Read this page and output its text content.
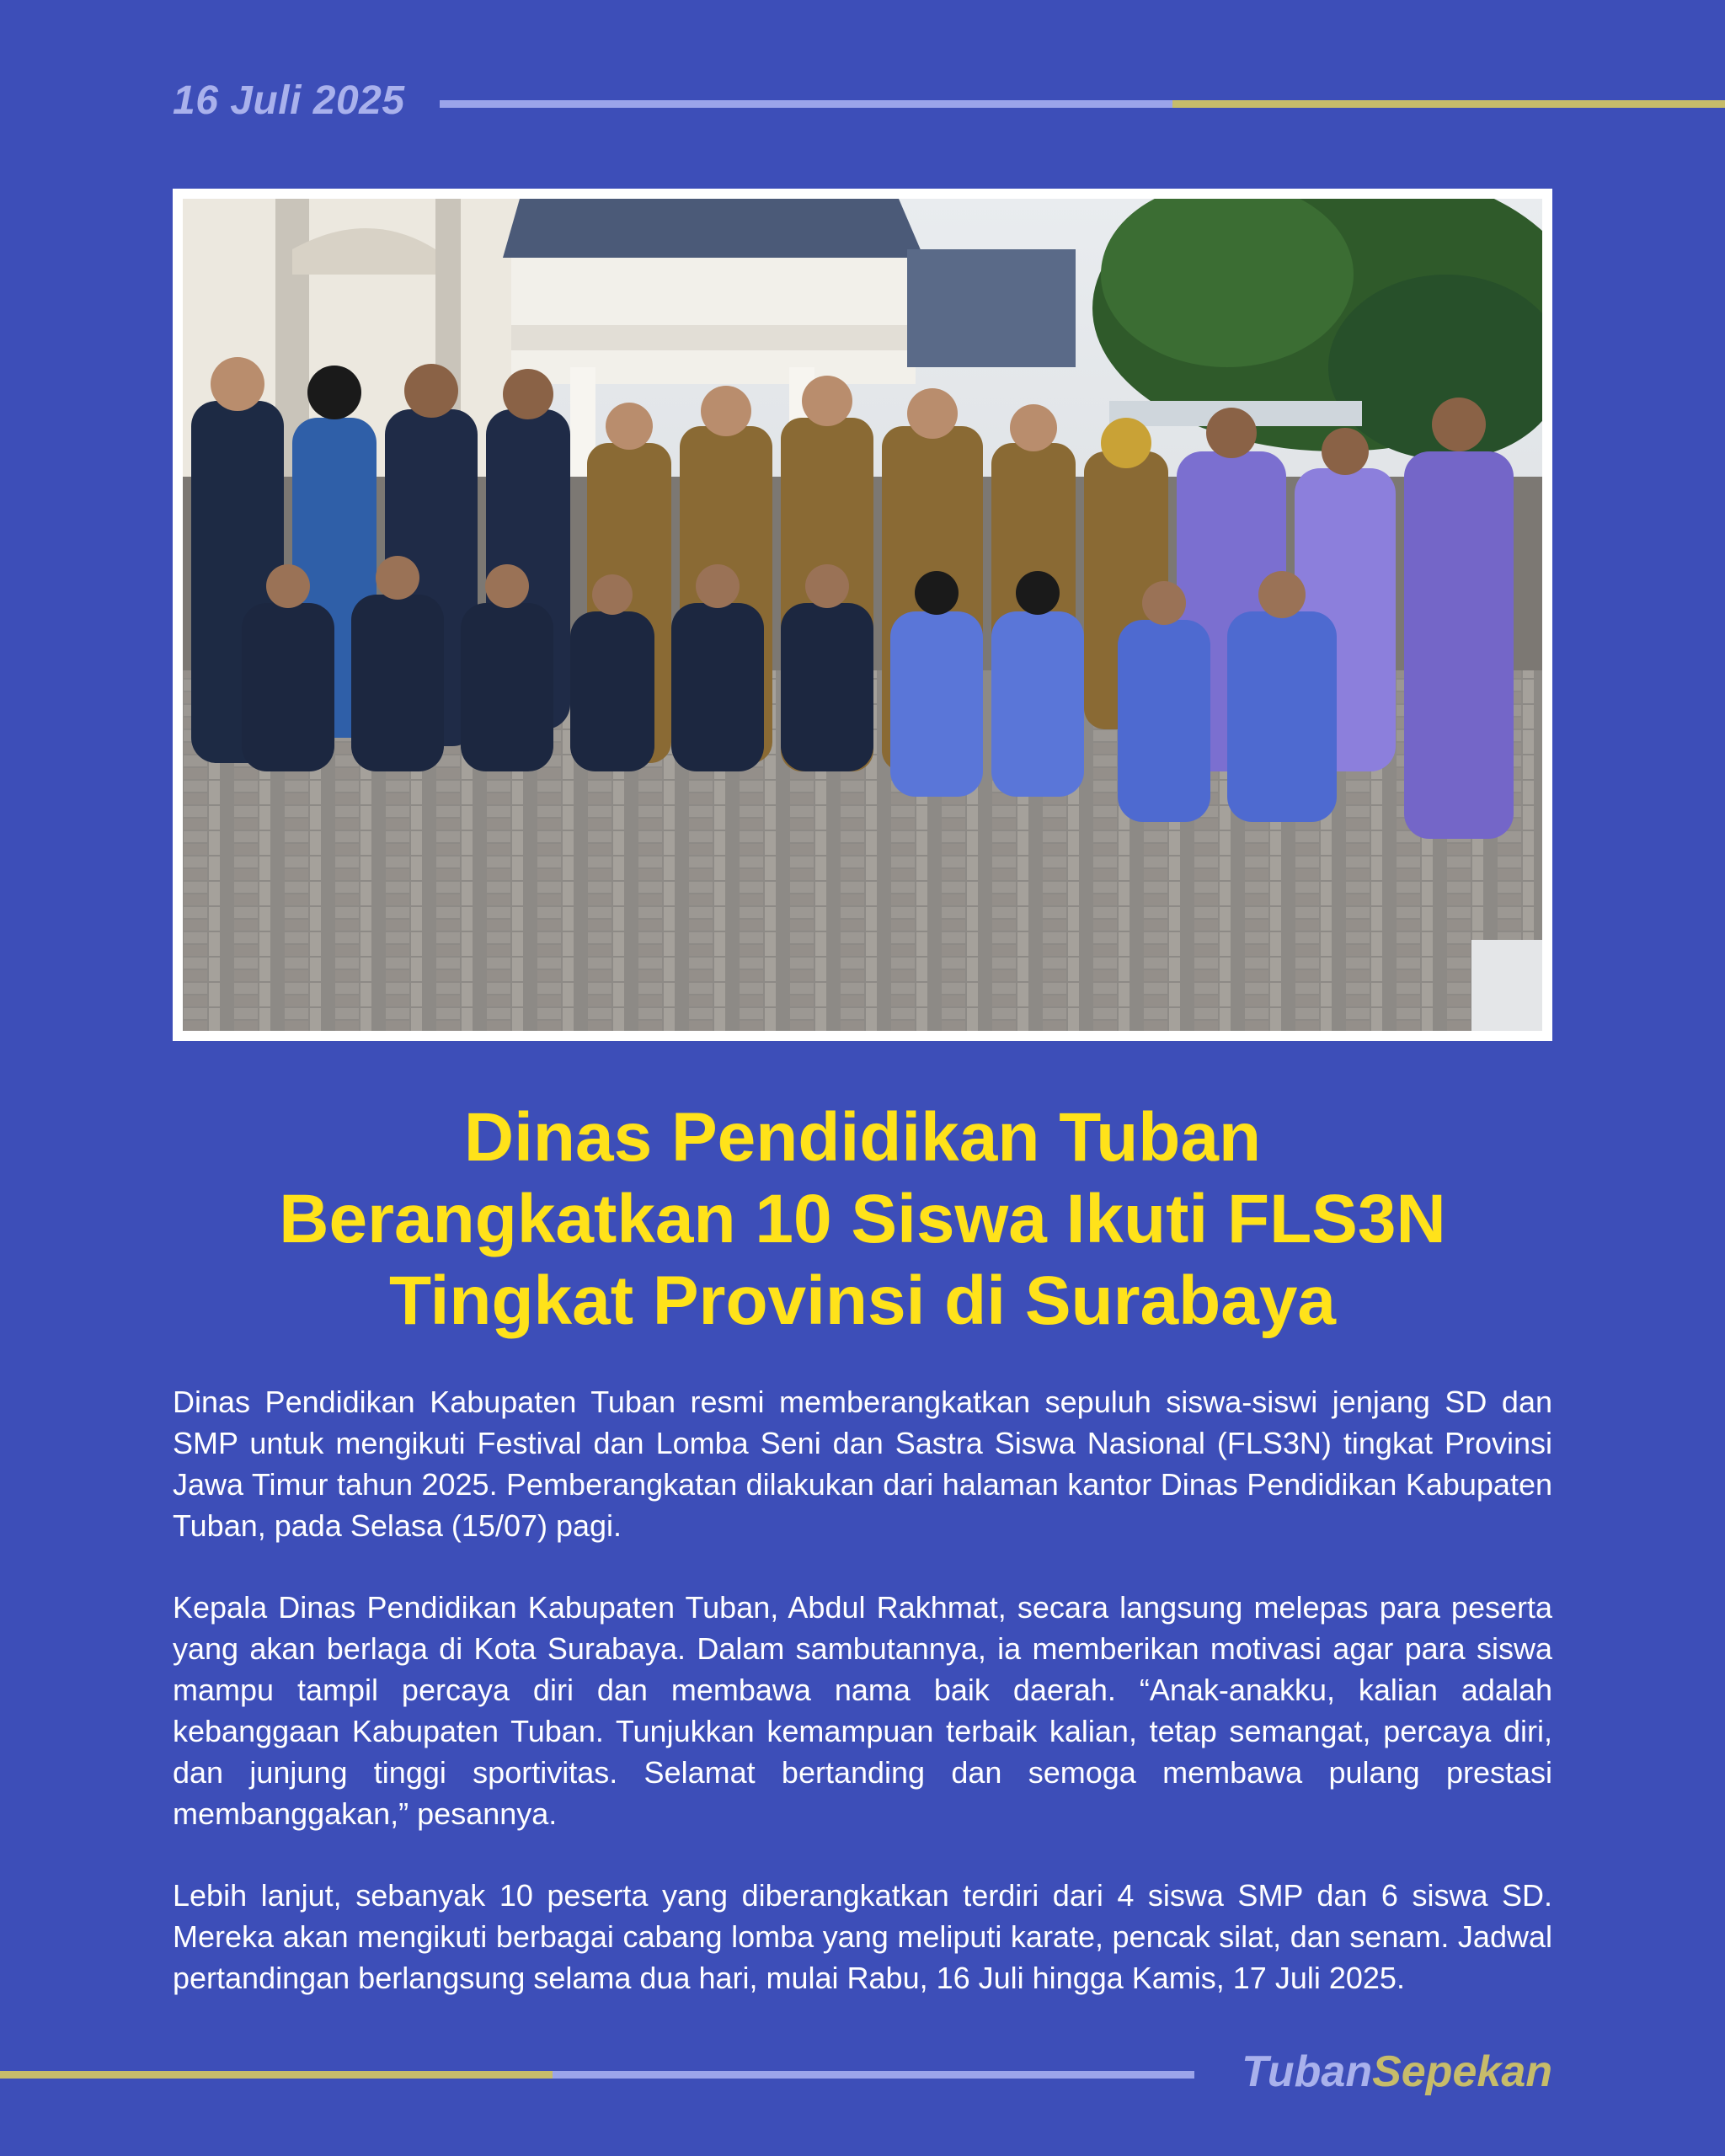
16 Juli 2025
Dinas Pendidikan Tuban
Berangkatkan 10 Siswa Ikuti FLS3N
Tingkat Provinsi di Surabaya

Dinas Pendidikan Kabupaten Tuban resmi memberangkatkan sepuluh siswa-siswi jenjang SD dan SMP untuk mengikuti Festival dan Lomba Seni dan Sastra Siswa Nasional (FLS3N) tingkat Provinsi Jawa Timur tahun 2025. Pemberangkatan dilakukan dari halaman kantor Dinas Pendidikan Kabupaten Tuban, pada Selasa (15/07) pagi.

Kepala Dinas Pendidikan Kabupaten Tuban, Abdul Rakhmat, secara langsung melepas para peserta yang akan berlaga di Kota Surabaya. Dalam sambutannya, ia memberikan motivasi agar para siswa mampu tampil percaya diri dan membawa nama baik daerah. “Anak-anakku, kalian adalah kebanggaan Kabupaten Tuban. Tunjukkan kemampuan terbaik kalian, tetap semangat, percaya diri, dan junjung tinggi sportivitas. Selamat bertanding dan semoga membawa pulang prestasi membanggakan,” pesannya.

Lebih lanjut, sebanyak 10 peserta yang diberangkatkan terdiri dari 4 siswa SMP dan 6 siswa SD. Mereka akan mengikuti berbagai cabang lomba yang meliputi karate, pencak silat, dan senam. Jadwal pertandingan berlangsung selama dua hari, mulai Rabu, 16 Juli hingga Kamis, 17 Juli 2025.

TubanSepekan
